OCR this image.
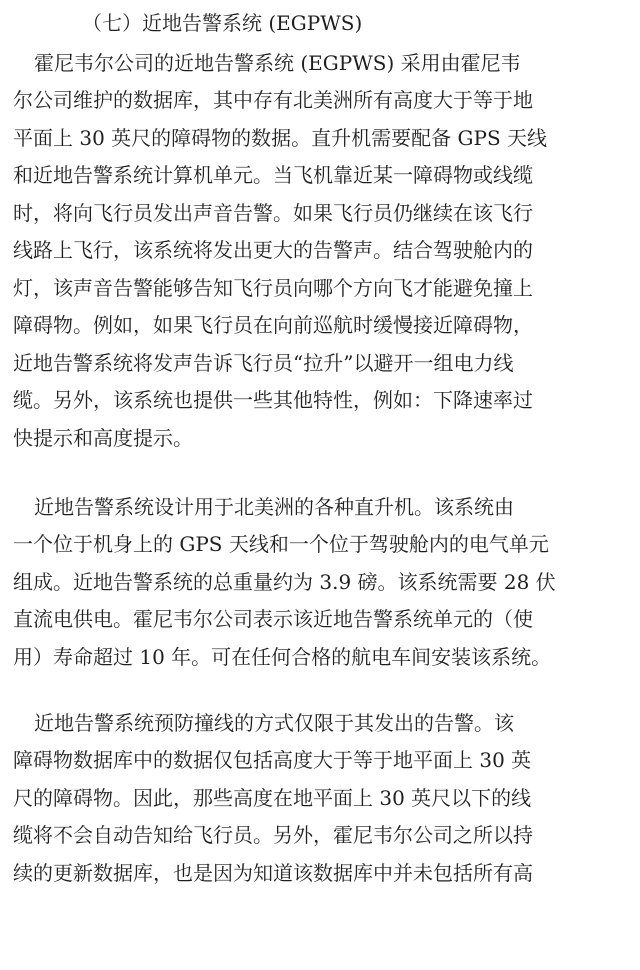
（七）近地告警系统 (EGPWS)
霍尼韦尔公司的近地告警系统 (EGPWS) 采用由霍尼韦
尔公司维护的数据库，其中存有北美洲所有高度大于等于地
平面上 30 英尺的障碍物的数据。直升机需要配备 GPS 天线
和近地告警系统计算机单元。当飞机靠近某一障碍物或线缆
时，将向飞行员发出声音告警。如果飞行员仍继续在该飞行
线路上飞行，该系统将发出更大的告警声。结合驾驶舱内的
灯，该声音告警能够告知飞行员向哪个方向飞才能避免撞上
障碍物。例如，如果飞行员在向前巡航时缓慢接近障碍物，
近地告警系统将发声告诉飞行员“拉升”以避开一组电力线
缆。另外，该系统也提供一些其他特性，例如：下降速率过
快提示和高度提示。
近地告警系统设计用于北美洲的各种直升机。该系统由
一个位于机身上的 GPS 天线和一个位于驾驶舱内的电气单元
组成。近地告警系统的总重量约为 3.9 磅。该系统需要 28 伏
直流电供电。霍尼韦尔公司表示该近地告警系统单元的（使
用）寿命超过 10 年。可在任何合格的航电车间安装该系统。
近地告警系统预防撞线的方式仅限于其发出的告警。该
障碍物数据库中的数据仅包括高度大于等于地平面上 30 英
尺的障碍物。因此，那些高度在地平面上 30 英尺以下的线
缆将不会自动告知给飞行员。另外，霍尼韦尔公司之所以持
续的更新数据库，也是因为知道该数据库中并未包括所有高
